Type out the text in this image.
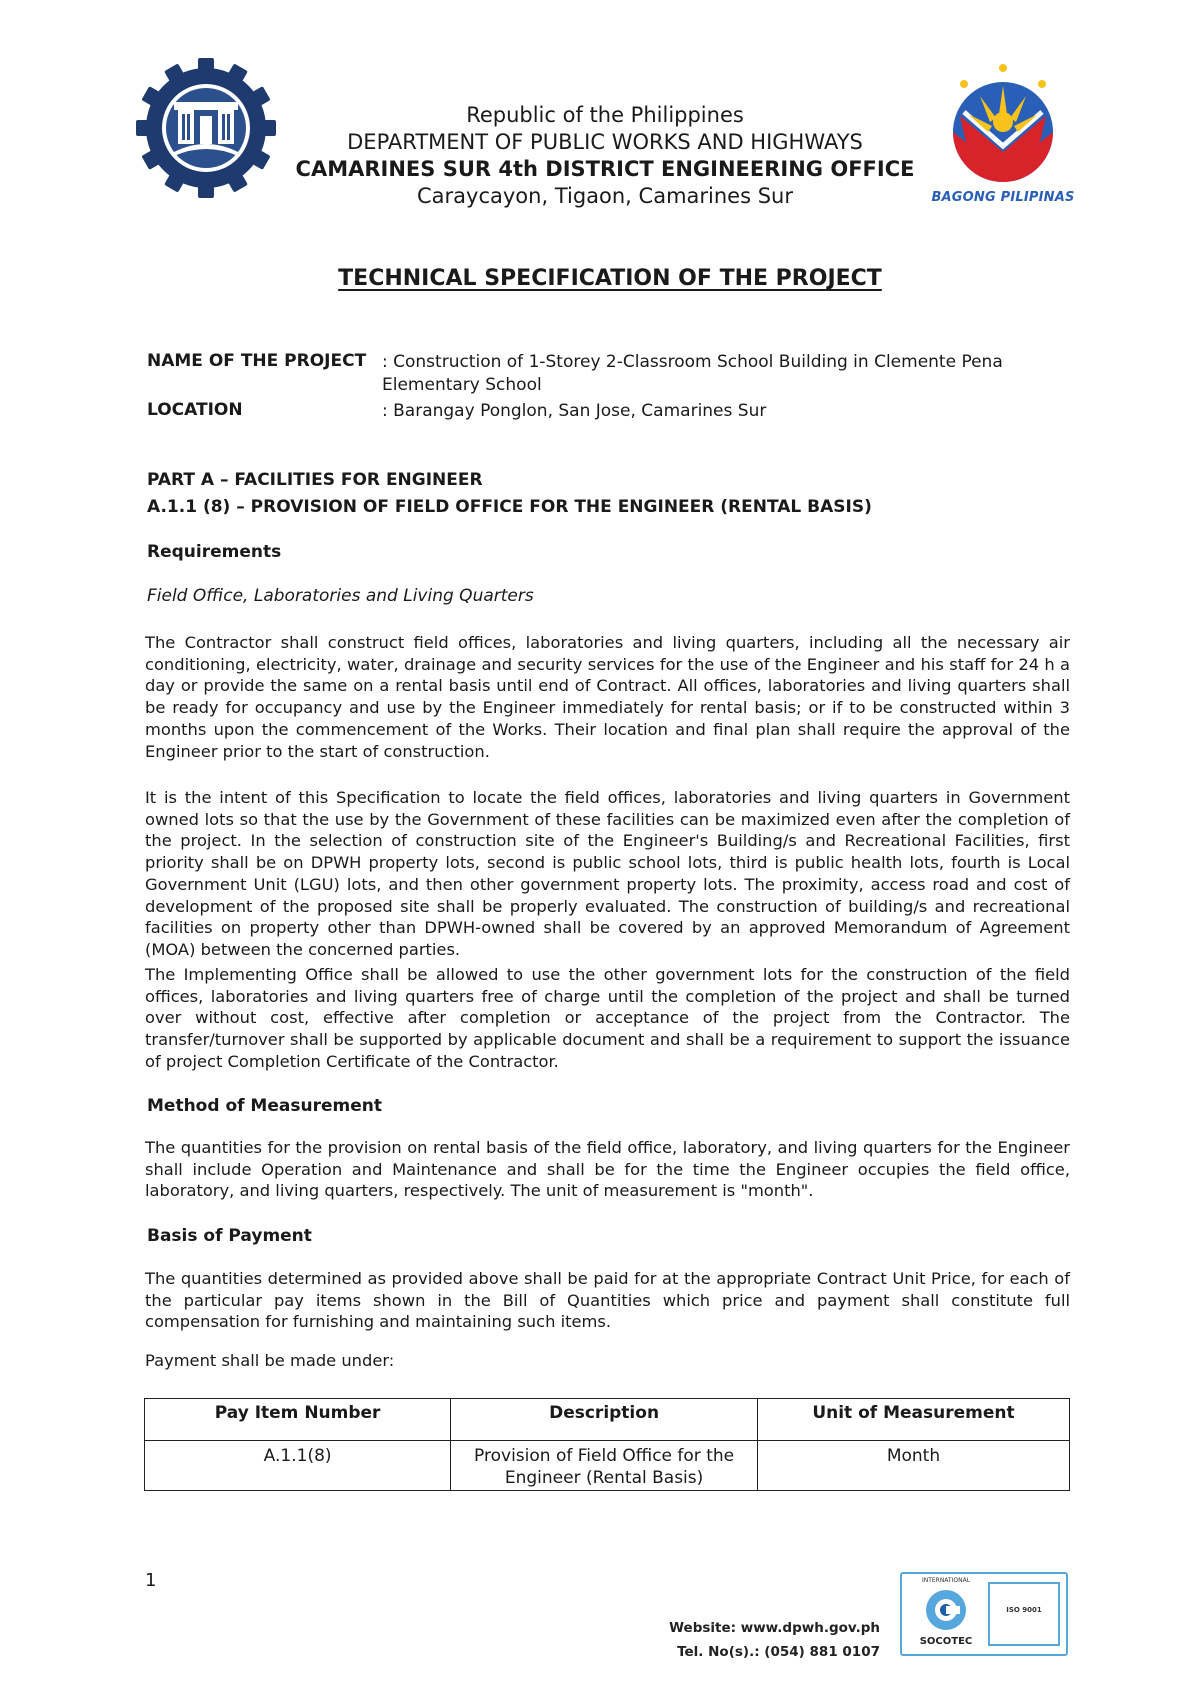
BAGONG PILIPINAS
Republic of the Philippines
DEPARTMENT OF PUBLIC WORKS AND HIGHWAYS
CAMARINES SUR 4th DISTRICT ENGINEERING OFFICE
Caraycayon, Tigaon, Camarines Sur
TECHNICAL SPECIFICATION OF THE PROJECT
NAME OF THE PROJECT : Construction of 1-Storey 2-Classroom School Building in Clemente Pena Elementary School
LOCATION	: Barangay Ponglon, San Jose, Camarines Sur
PART A – FACILITIES FOR ENGINEER
A.1.1 (8) – PROVISION OF FIELD OFFICE FOR THE ENGINEER (RENTAL BASIS)
Requirements
Field Office, Laboratories and Living Quarters
The Contractor shall construct field offices, laboratories and living quarters, including all the necessary air conditioning, electricity, water, drainage and security services for the use of the Engineer and his staff for 24 h a day or provide the same on a rental basis until end of Contract. All offices, laboratories and living quarters shall be ready for occupancy and use by the Engineer immediately for rental basis; or if to be constructed within 3 months upon the commencement of the Works. Their location and final plan shall require the approval of the Engineer prior to the start of construction.
It is the intent of this Specification to locate the field offices, laboratories and living quarters in Government owned lots so that the use by the Government of these facilities can be maximized even after the completion of the project. In the selection of construction site of the Engineer's Building/s and Recreational Facilities, first priority shall be on DPWH property lots, second is public school lots, third is public health lots, fourth is Local Government Unit (LGU) lots, and then other government property lots. The proximity, access road and cost of development of the proposed site shall be properly evaluated. The construction of building/s and recreational facilities on property other than DPWH-owned shall be covered by an approved Memorandum of Agreement (MOA) between the concerned parties.
The Implementing Office shall be allowed to use the other government lots for the construction of the field offices, laboratories and living quarters free of charge until the completion of the project and shall be turned over without cost, effective after completion or acceptance of the project from the Contractor. The transfer/turnover shall be supported by applicable document and shall be a requirement to support the issuance of project Completion Certificate of the Contractor.
Method of Measurement
The quantities for the provision on rental basis of the field office, laboratory, and living quarters for the Engineer shall include Operation and Maintenance and shall be for the time the Engineer occupies the field office, laboratory, and living quarters, respectively. The unit of measurement is "month".
Basis of Payment
The quantities determined as provided above shall be paid for at the appropriate Contract Unit Price, for each of the particular pay items shown in the Bill of Quantities which price and payment shall constitute full compensation for furnishing and maintaining such items.
Payment shall be made under:
Pay Item Number	Description	Unit of Measurement
A.1.1(8)	Provision of Field Office for the Engineer (Rental Basis)	Month
1
Website: www.dpwh.gov.ph
Tel. No(s).: (054) 881 0107
INTERNATIONAL
SOCOTEC
ISO 9001
